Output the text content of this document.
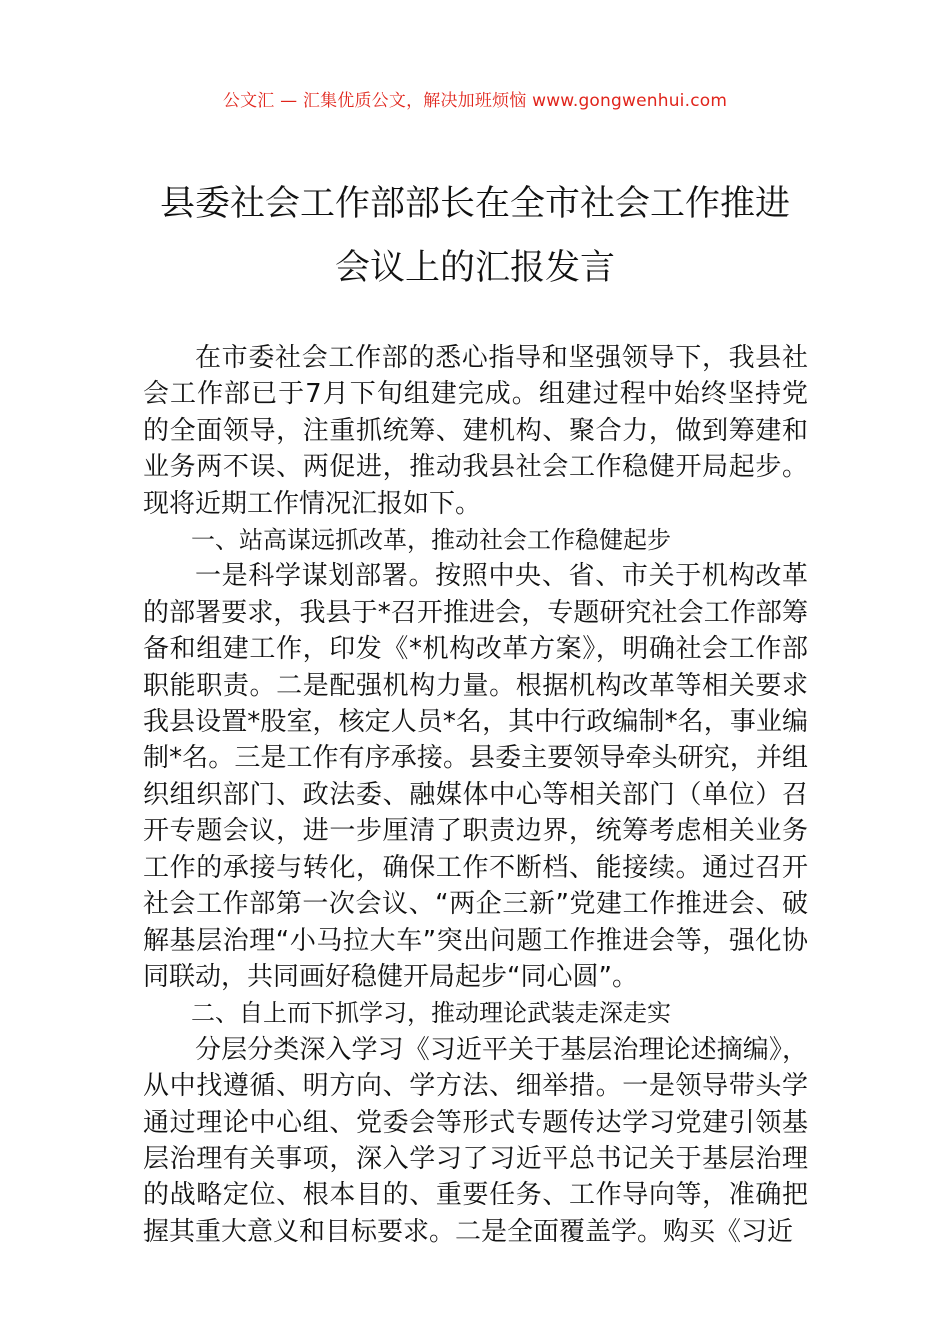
公文汇 — 汇集优质公文，解决加班烦恼 www.gongwenhui.com
县委社会工作部部长在全市社会工作推进
会议上的汇报发言

在市委社会工作部的悉心指导和坚强领导下，我县社会工作部已于7月下旬组建完成。组建过程中始终坚持党的全面领导，注重抓统筹、建机构、聚合力，做到筹建和业务两不误、两促进，推动我县社会工作稳健开局起步。现将近期工作情况汇报如下。

一、站高谋远抓改革，推动社会工作稳健起步

一是科学谋划部署。按照中央、省、市关于机构改革的部署要求，我县于*召开推进会，专题研究社会工作部筹备和组建工作，印发《*机构改革方案》，明确社会工作部职能职责。二是配强机构力量。根据机构改革等相关要求我县设置*股室，核定人员*名，其中行政编制*名，事业编制*名。三是工作有序承接。县委主要领导牵头研究，并组织组织部门、政法委、融媒体中心等相关部门（单位）召开专题会议，进一步厘清了职责边界，统筹考虑相关业务工作的承接与转化，确保工作不断档、能接续。通过召开社会工作部第一次会议、“两企三新”党建工作推进会、破解基层治理“小马拉大车”突出问题工作推进会等，强化协同联动，共同画好稳健开局起步“同心圆”。

二、自上而下抓学习，推动理论武装走深走实

分层分类深入学习《习近平关于基层治理论述摘编》，从中找遵循、明方向、学方法、细举措。一是领导带头学通过理论中心组、党委会等形式专题传达学习党建引领基层治理有关事项，深入学习了习近平总书记关于基层治理的战略定位、根本目的、重要任务、工作导向等，准确把握其重大意义和目标要求。二是全面覆盖学。购买《习近
